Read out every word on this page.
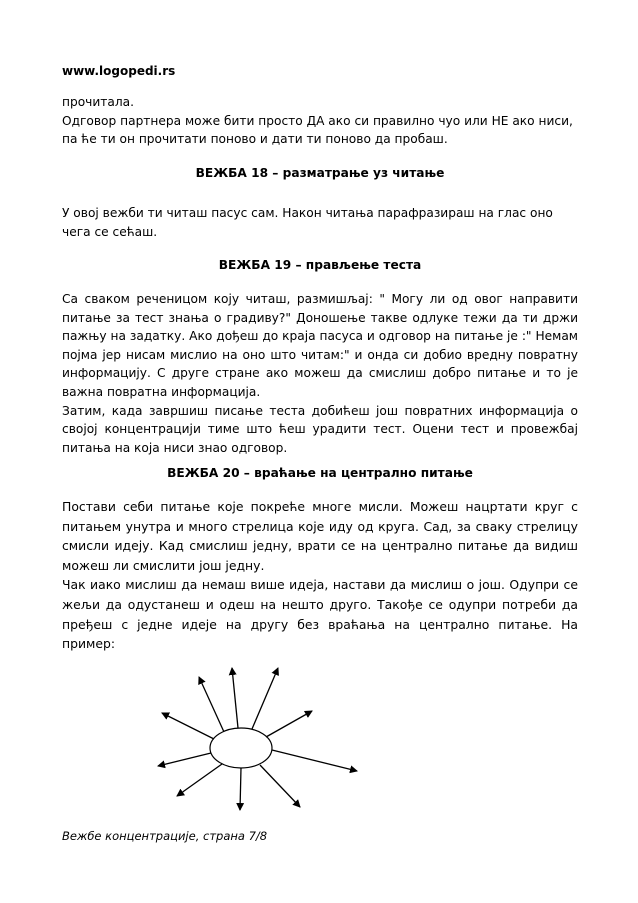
www.logopedi.rs

прочитала.
Одговор партнера може бити просто ДА ако си правилно чуо или НЕ ако ниси, па ће ти он прочитати поново и дати ти поново да пробаш.

ВЕЖБА 18 – разматрање уз читање

У овој вежби ти читаш пасус сам. Након читања парафразираш на глас оно чега се сећаш.

ВЕЖБА 19 – прављење теста

Са сваком реченицом коју читаш, размишљај: " Могу ли од овог направити питање за тест знања о градиву?" Доношење такве одлуке тежи да ти држи пажњу на задатку. Ако дођеш до краја пасуса и одговор на питање је :" Немам појма јер нисам мислио на оно што читам:" и онда си добио вредну повратну информацију. С друге стране ако можеш да смислиш добро питање и то је важна повратна информација.
Затим, када завршиш писање теста добићеш још повратних информација о својој концентрацији тиме што ћеш урадити тест. Оцени тест и провежбај питања на која ниси знао одговор.

ВЕЖБА 20 – враћање на централно питање

Постави себи питање које покреће многе мисли. Можеш нацртати круг с питањем унутра и много стрелица које иду од круга. Сад, за сваку стрелицу смисли идеју. Кад смислиш једну, врати се на централно питање да видиш можеш ли смислити још једну.
Чак иако мислиш да немаш више идеја, настави да мислиш о још. Одупри се жељи да одустанеш и одеш на нешто друго. Такође се одупри потреби да пређеш с једне идеје на другу без враћања на централно питање. На пример:

Вежбе концентрације, страна 7/8
